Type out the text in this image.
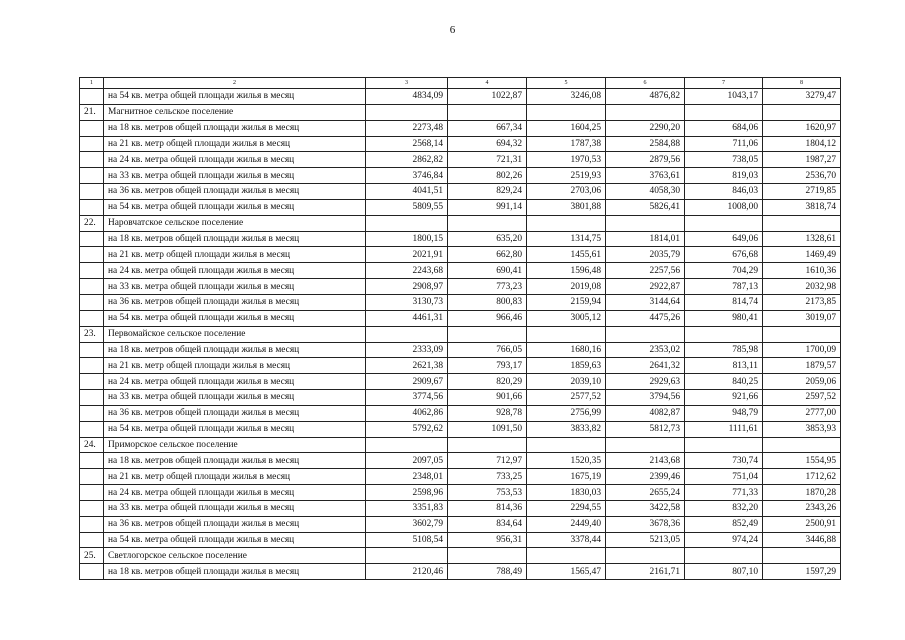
6
1	2	3	4	5	6	7	8
	на 54 кв. метра общей площади жилья в месяц	4834,09	1022,87	3246,08	4876,82	1043,17	3279,47
21.	Магнитное сельское поселение						
	на 18 кв. метров общей площади жилья в месяц	2273,48	667,34	1604,25	2290,20	684,06	1620,97
	на 21 кв. метр общей площади жилья в месяц	2568,14	694,32	1787,38	2584,88	711,06	1804,12
	на 24 кв. метра общей площади жилья в месяц	2862,82	721,31	1970,53	2879,56	738,05	1987,27
	на 33 кв. метра общей площади жилья в месяц	3746,84	802,26	2519,93	3763,61	819,03	2536,70
	на 36 кв. метров общей площади жилья в месяц	4041,51	829,24	2703,06	4058,30	846,03	2719,85
	на 54 кв. метра общей площади жилья в месяц	5809,55	991,14	3801,88	5826,41	1008,00	3818,74
22.	Наровчатское сельское поселение						
	на 18 кв. метров общей площади жилья в месяц	1800,15	635,20	1314,75	1814,01	649,06	1328,61
	на 21 кв. метр общей площади жилья в месяц	2021,91	662,80	1455,61	2035,79	676,68	1469,49
	на 24 кв. метра общей площади жилья в месяц	2243,68	690,41	1596,48	2257,56	704,29	1610,36
	на 33 кв. метра общей площади жилья в месяц	2908,97	773,23	2019,08	2922,87	787,13	2032,98
	на 36 кв. метров общей площади жилья в месяц	3130,73	800,83	2159,94	3144,64	814,74	2173,85
	на 54 кв. метра общей площади жилья в месяц	4461,31	966,46	3005,12	4475,26	980,41	3019,07
23.	Первомайское сельское поселение						
	на 18 кв. метров общей площади жилья в месяц	2333,09	766,05	1680,16	2353,02	785,98	1700,09
	на 21 кв. метр общей площади жилья в месяц	2621,38	793,17	1859,63	2641,32	813,11	1879,57
	на 24 кв. метра общей площади жилья в месяц	2909,67	820,29	2039,10	2929,63	840,25	2059,06
	на 33 кв. метра общей площади жилья в месяц	3774,56	901,66	2577,52	3794,56	921,66	2597,52
	на 36 кв. метров общей площади жилья в месяц	4062,86	928,78	2756,99	4082,87	948,79	2777,00
	на 54 кв. метра общей площади жилья в месяц	5792,62	1091,50	3833,82	5812,73	1111,61	3853,93
24.	Приморское сельское поселение						
	на 18 кв. метров общей площади жилья в месяц	2097,05	712,97	1520,35	2143,68	730,74	1554,95
	на 21 кв. метр общей площади жилья в месяц	2348,01	733,25	1675,19	2399,46	751,04	1712,62
	на 24 кв. метра общей площади жилья в месяц	2598,96	753,53	1830,03	2655,24	771,33	1870,28
	на 33 кв. метра общей площади жилья в месяц	3351,83	814,36	2294,55	3422,58	832,20	2343,26
	на 36 кв. метров общей площади жилья в месяц	3602,79	834,64	2449,40	3678,36	852,49	2500,91
	на 54 кв. метра общей площади жилья в месяц	5108,54	956,31	3378,44	5213,05	974,24	3446,88
25.	Светлогорское сельское поселение						
	на 18 кв. метров общей площади жилья в месяц	2120,46	788,49	1565,47	2161,71	807,10	1597,29
